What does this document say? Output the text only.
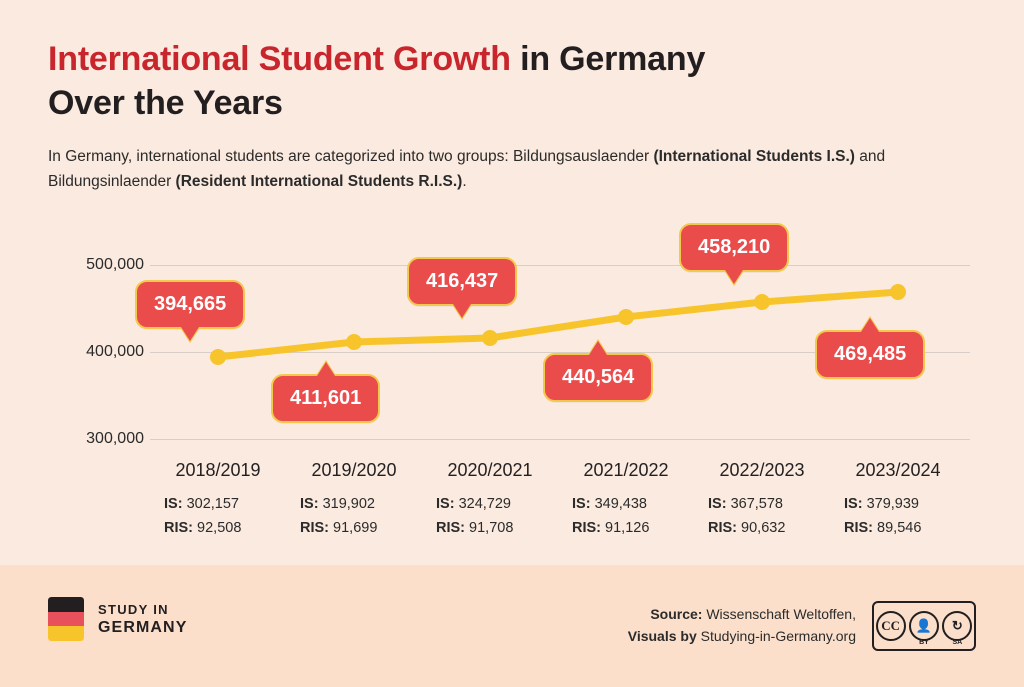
International Student Growth in Germany
Over the Years
In Germany, international students are categorized into two groups: Bildungsauslaender (International Students I.S.) and Bildungsinlaender (Resident International Students R.I.S.).
500,000
400,000
300,000
394,665
411,601
416,437
440,564
458,210
469,485
2018/2019
IS: 302,157
RIS: 92,508
2019/2020
IS: 319,902
RIS: 91,699
2020/2021
IS: 324,729
RIS: 91,708
2021/2022
IS: 349,438
RIS: 91,126
2022/2023
IS: 367,578
RIS: 90,632
2023/2024
IS: 379,939
RIS: 89,546
STUDY IN
GERMANY
Source: Wissenschaft Weltoffen,
Visuals by Studying-in-Germany.org
CC	👤
BY
↻
SA
